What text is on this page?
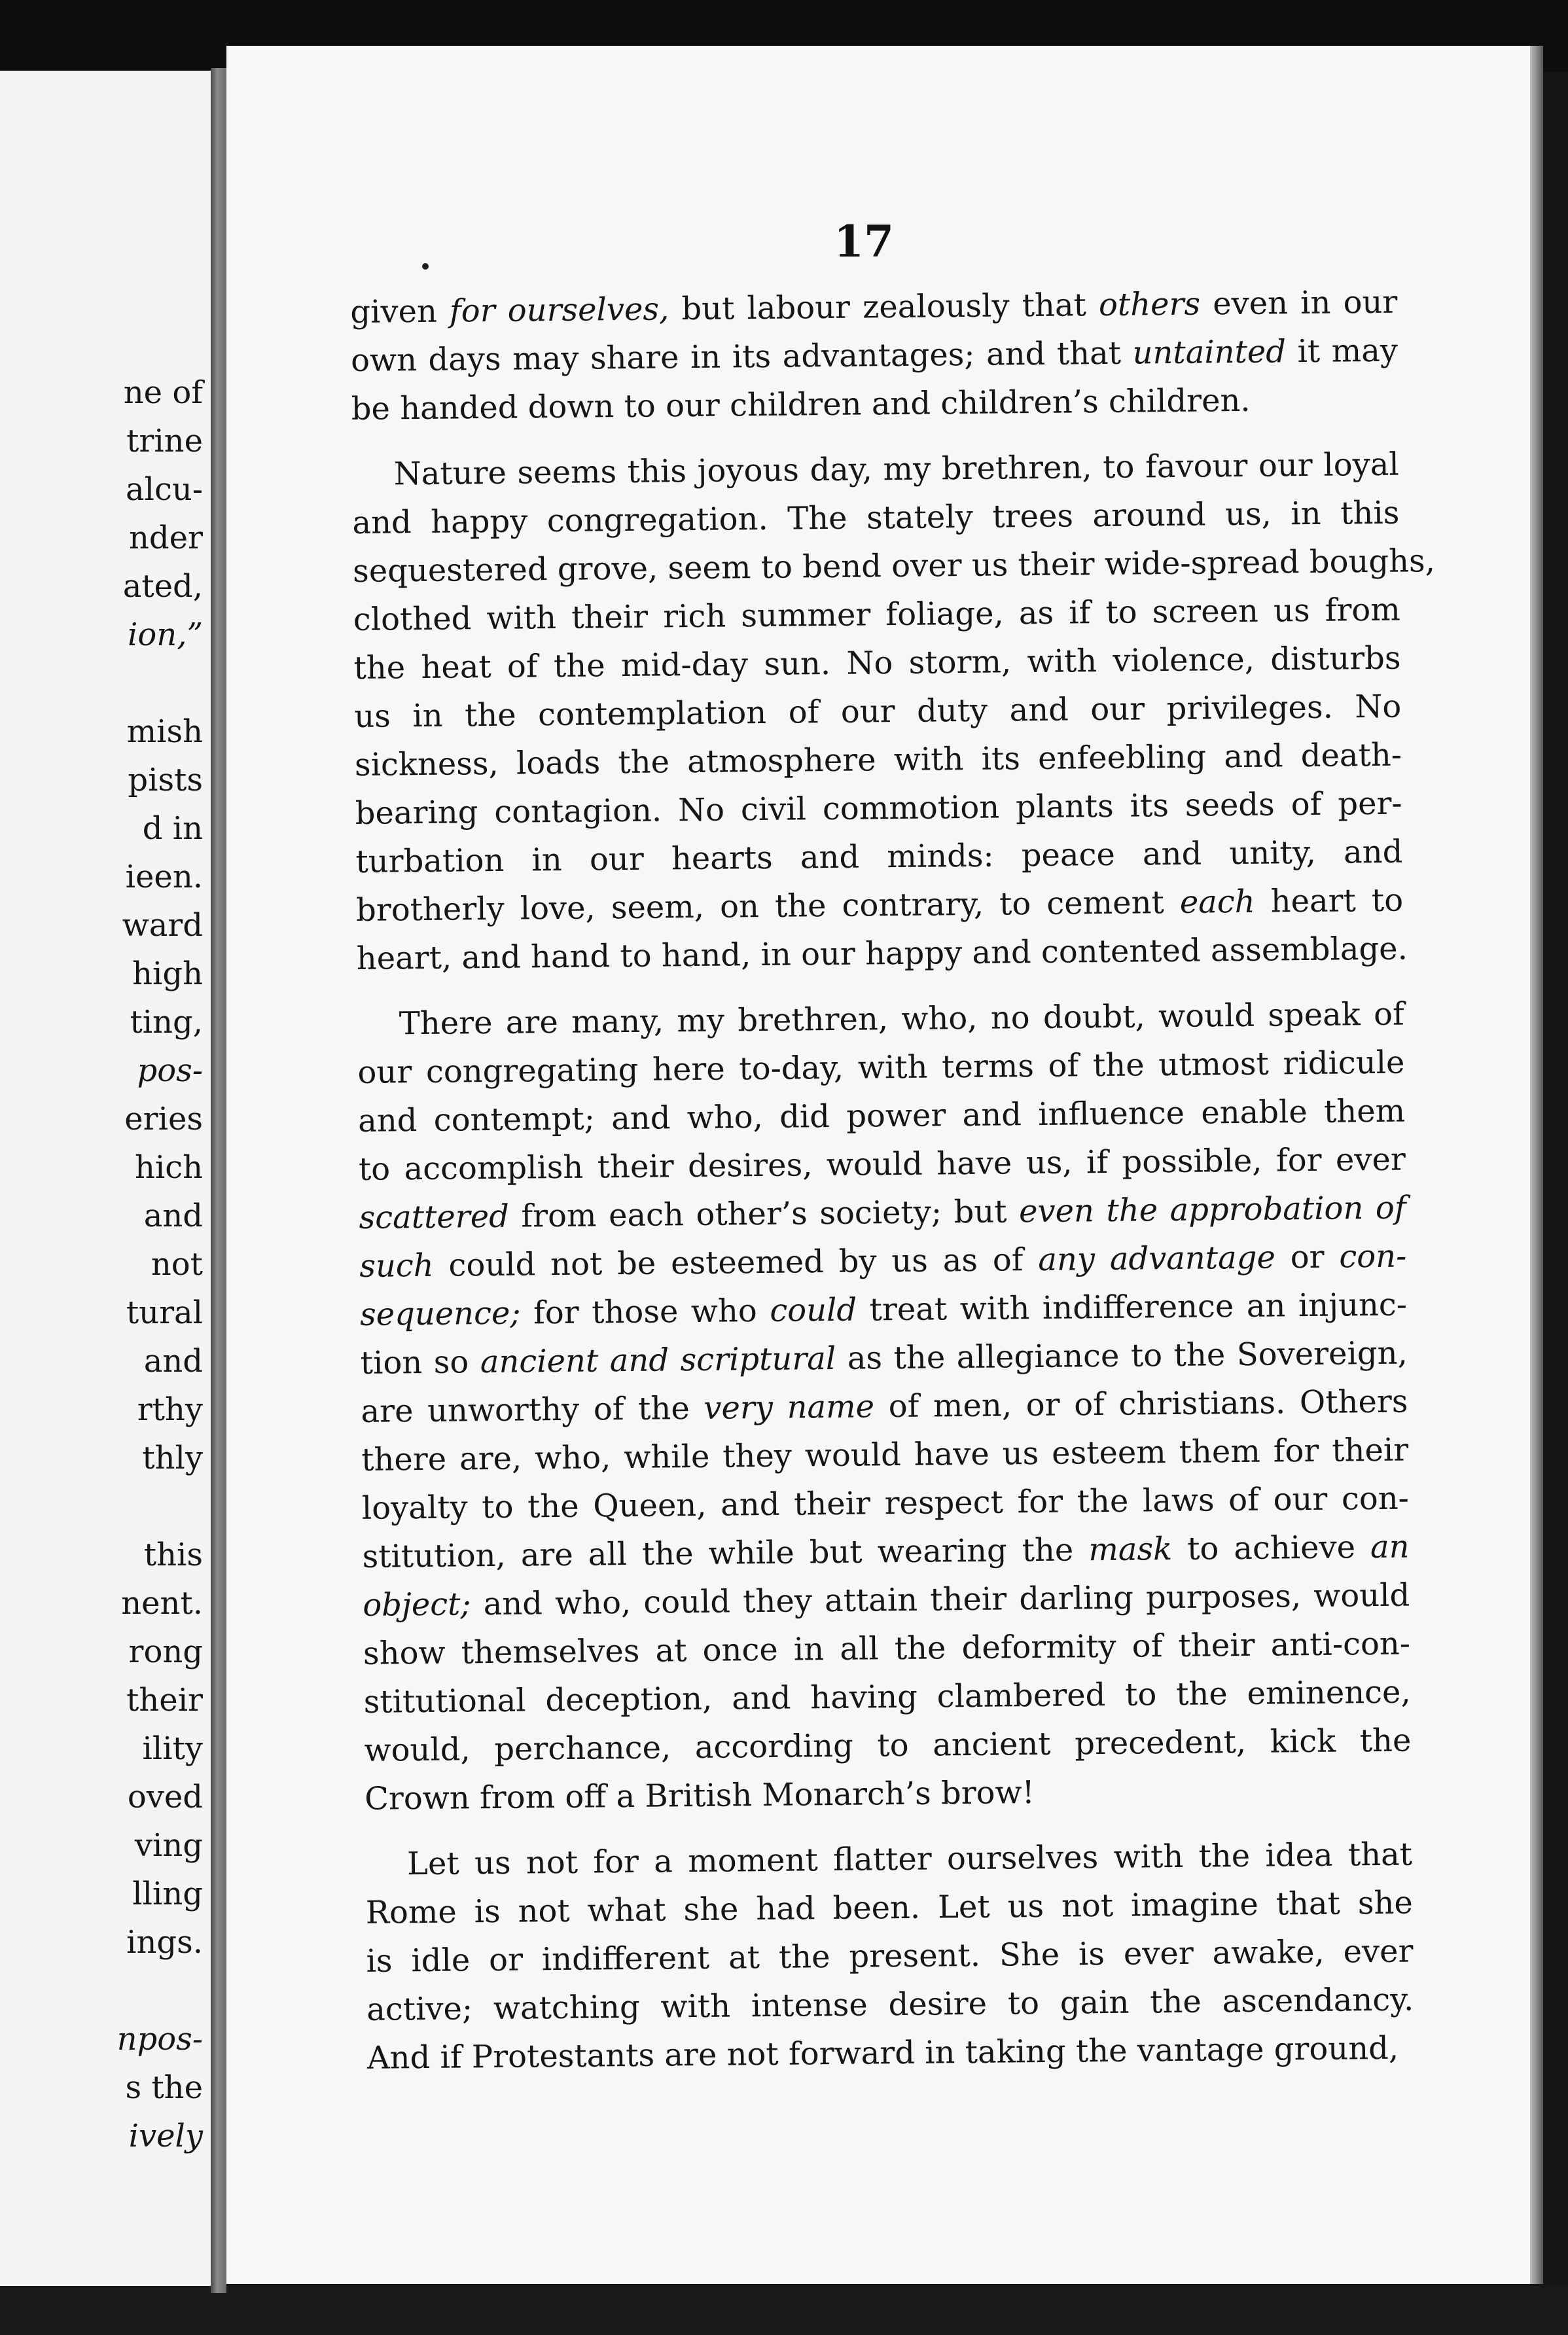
ne of
trine
alcu-
nder
ated,
ion,”
mish
pists
d in
ieen.
ward
high
ting,
pos-
eries
hich
and
not
tural
and
rthy
thly
this
nent.
rong
their
ility
oved
ving
lling
ings.
npos-
s the
ively
17
given for ourselves, but labour zealously that others even in our
own days may share in its advantages; and that untainted it may
be handed down to our children and children’s children.
Nature seems this joyous day, my brethren, to favour our loyal
and happy congregation. The stately trees around us, in this
sequestered grove, seem to bend over us their wide-spread boughs,
clothed with their rich summer foliage, as if to screen us from
the heat of the mid-day sun. No storm, with violence, disturbs
us in the contemplation of our duty and our privileges. No
sickness, loads the atmosphere with its enfeebling and death-
bearing contagion. No civil commotion plants its seeds of per-
turbation in our hearts and minds: peace and unity, and
brotherly love, seem, on the contrary, to cement each heart to
heart, and hand to hand, in our happy and contented assemblage.
There are many, my brethren, who, no doubt, would speak of
our congregating here to-day, with terms of the utmost ridicule
and contempt; and who, did power and influence enable them
to accomplish their desires, would have us, if possible, for ever
scattered from each other’s society; but even the approbation of
such could not be esteemed by us as of any advantage or con-
sequence; for those who could treat with indifference an injunc-
tion so ancient and scriptural as the allegiance to the Sovereign,
are unworthy of the very name of men, or of christians. Others
there are, who, while they would have us esteem them for their
loyalty to the Queen, and their respect for the laws of our con-
stitution, are all the while but wearing the mask to achieve an
object; and who, could they attain their darling purposes, would
show themselves at once in all the deformity of their anti-con-
stitutional deception, and having clambered to the eminence,
would, perchance, according to ancient precedent, kick the
Crown from off a British Monarch’s brow!
Let us not for a moment flatter ourselves with the idea that
Rome is not what she had been. Let us not imagine that she
is idle or indifferent at the present. She is ever awake, ever
active; watching with intense desire to gain the ascendancy.
And if Protestants are not forward in taking the vantage ground,
